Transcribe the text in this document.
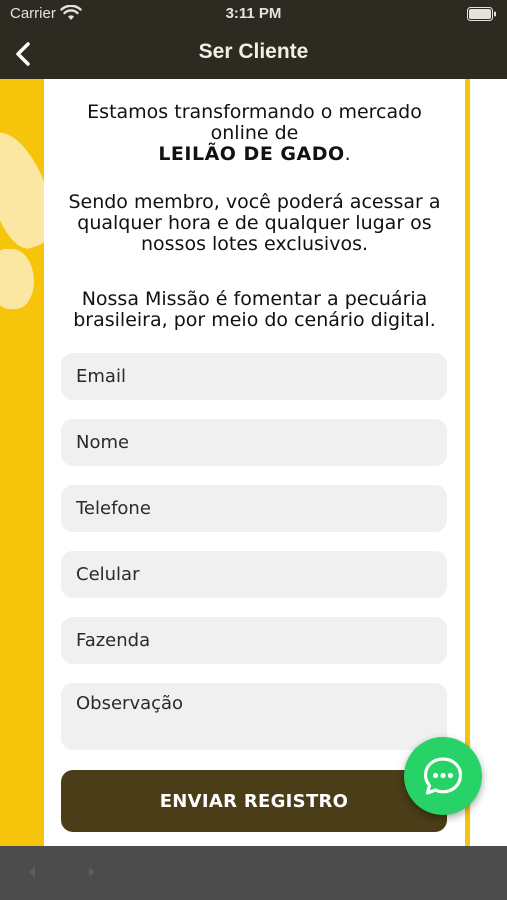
Carrier	3:11 PM
Ser Cliente
Estamos transformando o mercado
online de
LEILÃO DE GADO.
Sendo membro, você poderá acessar a
qualquer hora e de qualquer lugar os
nossos lotes exclusivos.
Nossa Missão é fomentar a pecuária
brasileira, por meio do cenário digital.
Email
Nome
Telefone
Celular
Fazenda
Observação
ENVIAR REGISTRO
